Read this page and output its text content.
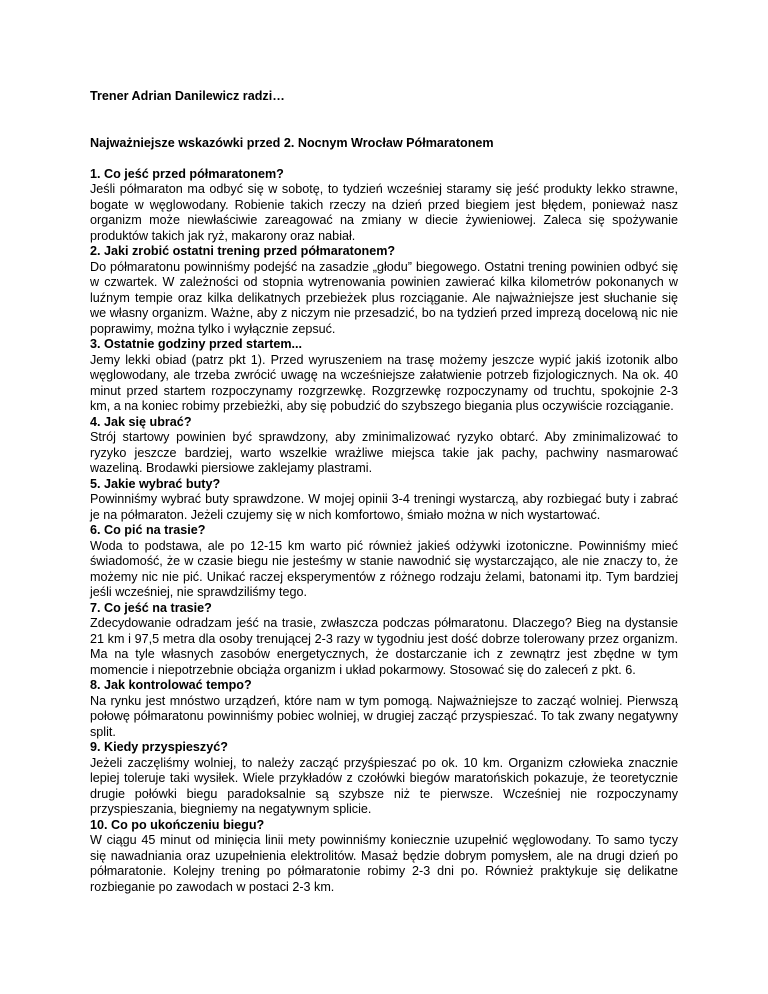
Trener Adrian Danilewicz radzi…

Najważniejsze wskazówki przed 2. Nocnym Wrocław Półmaratonem

1. Co jeść przed półmaratonem?

Jeśli półmaraton ma odbyć się w sobotę, to tydzień wcześniej staramy się jeść produkty lekko strawne, bogate w węglowodany. Robienie takich rzeczy na dzień przed biegiem jest błędem, ponieważ nasz organizm może niewłaściwie zareagować na zmiany w diecie żywieniowej. Zaleca się spożywanie produktów takich jak ryż, makarony oraz nabiał.

2. Jaki zrobić ostatni trening przed półmaratonem?

Do półmaratonu powinniśmy podejść na zasadzie „głodu” biegowego. Ostatni trening powinien odbyć się w czwartek. W zależności od stopnia wytrenowania powinien zawierać kilka kilometrów pokonanych w luźnym tempie oraz kilka delikatnych przebieżek plus rozciąganie. Ale najważniejsze jest słuchanie się we własny organizm. Ważne, aby z niczym nie przesadzić, bo na tydzień przed imprezą docelową nic nie poprawimy, można tylko i wyłącznie zepsuć.

3. Ostatnie godziny przed startem...

Jemy lekki obiad (patrz pkt 1). Przed wyruszeniem na trasę możemy jeszcze wypić jakiś izotonik albo węglowodany, ale trzeba zwrócić uwagę na wcześniejsze załatwienie potrzeb fizjologicznych. Na ok. 40 minut przed startem rozpoczynamy rozgrzewkę. Rozgrzewkę rozpoczynamy od truchtu, spokojnie 2-3 km, a na koniec robimy przebieżki, aby się pobudzić do szybszego biegania plus oczywiście rozciąganie.

4. Jak się ubrać?

Strój startowy powinien być sprawdzony, aby zminimalizować ryzyko obtarć. Aby zminimalizować to ryzyko jeszcze bardziej, warto wszelkie wrażliwe miejsca takie jak pachy, pachwiny nasmarować wazeliną. Brodawki piersiowe zaklejamy plastrami.

5. Jakie wybrać buty?

Powinniśmy wybrać buty sprawdzone. W mojej opinii 3-4 treningi wystarczą, aby rozbiegać buty i zabrać je na półmaraton. Jeżeli czujemy się w nich komfortowo, śmiało można w nich wystartować.

6. Co pić na trasie?

Woda to podstawa, ale po 12-15 km warto pić również jakieś odżywki izotoniczne. Powinniśmy mieć świadomość, że w czasie biegu nie jesteśmy w stanie nawodnić się wystarczająco, ale nie znaczy to, że możemy nic nie pić. Unikać raczej eksperymentów z różnego rodzaju żelami, batonami itp. Tym bardziej jeśli wcześniej, nie sprawdziliśmy tego.

7. Co jeść na trasie?

Zdecydowanie odradzam jeść na trasie, zwłaszcza podczas półmaratonu. Dlaczego? Bieg na dystansie 21 km i 97,5 metra dla osoby trenującej 2-3 razy w tygodniu jest dość dobrze tolerowany przez organizm. Ma na tyle własnych zasobów energetycznych, że dostarczanie ich z zewnątrz jest zbędne w tym momencie i niepotrzebnie obciąża organizm i układ pokarmowy. Stosować się do zaleceń z pkt. 6.

8. Jak kontrolować tempo?

Na rynku jest mnóstwo urządzeń, które nam w tym pomogą. Najważniejsze to zacząć wolniej. Pierwszą połowę półmaratonu powinniśmy pobiec wolniej, w drugiej zacząć przyspieszać. To tak zwany negatywny split.

9. Kiedy przyspieszyć?

Jeżeli zaczęliśmy wolniej, to należy zacząć przyśpieszać po ok. 10 km. Organizm człowieka znacznie lepiej toleruje taki wysiłek. Wiele przykładów z czołówki biegów maratońskich pokazuje, że teoretycznie drugie połówki biegu paradoksalnie są szybsze niż te pierwsze. Wcześniej nie rozpoczynamy przyspieszania, biegniemy na negatywnym splicie.

10. Co po ukończeniu biegu?

W ciągu 45 minut od minięcia linii mety powinniśmy koniecznie uzupełnić węglowodany. To samo tyczy się nawadniania oraz uzupełnienia elektrolitów. Masaż będzie dobrym pomysłem, ale na drugi dzień po półmaratonie. Kolejny trening po półmaratonie robimy 2-3 dni po. Również praktykuje się delikatne rozbieganie po zawodach w postaci 2-3 km.
